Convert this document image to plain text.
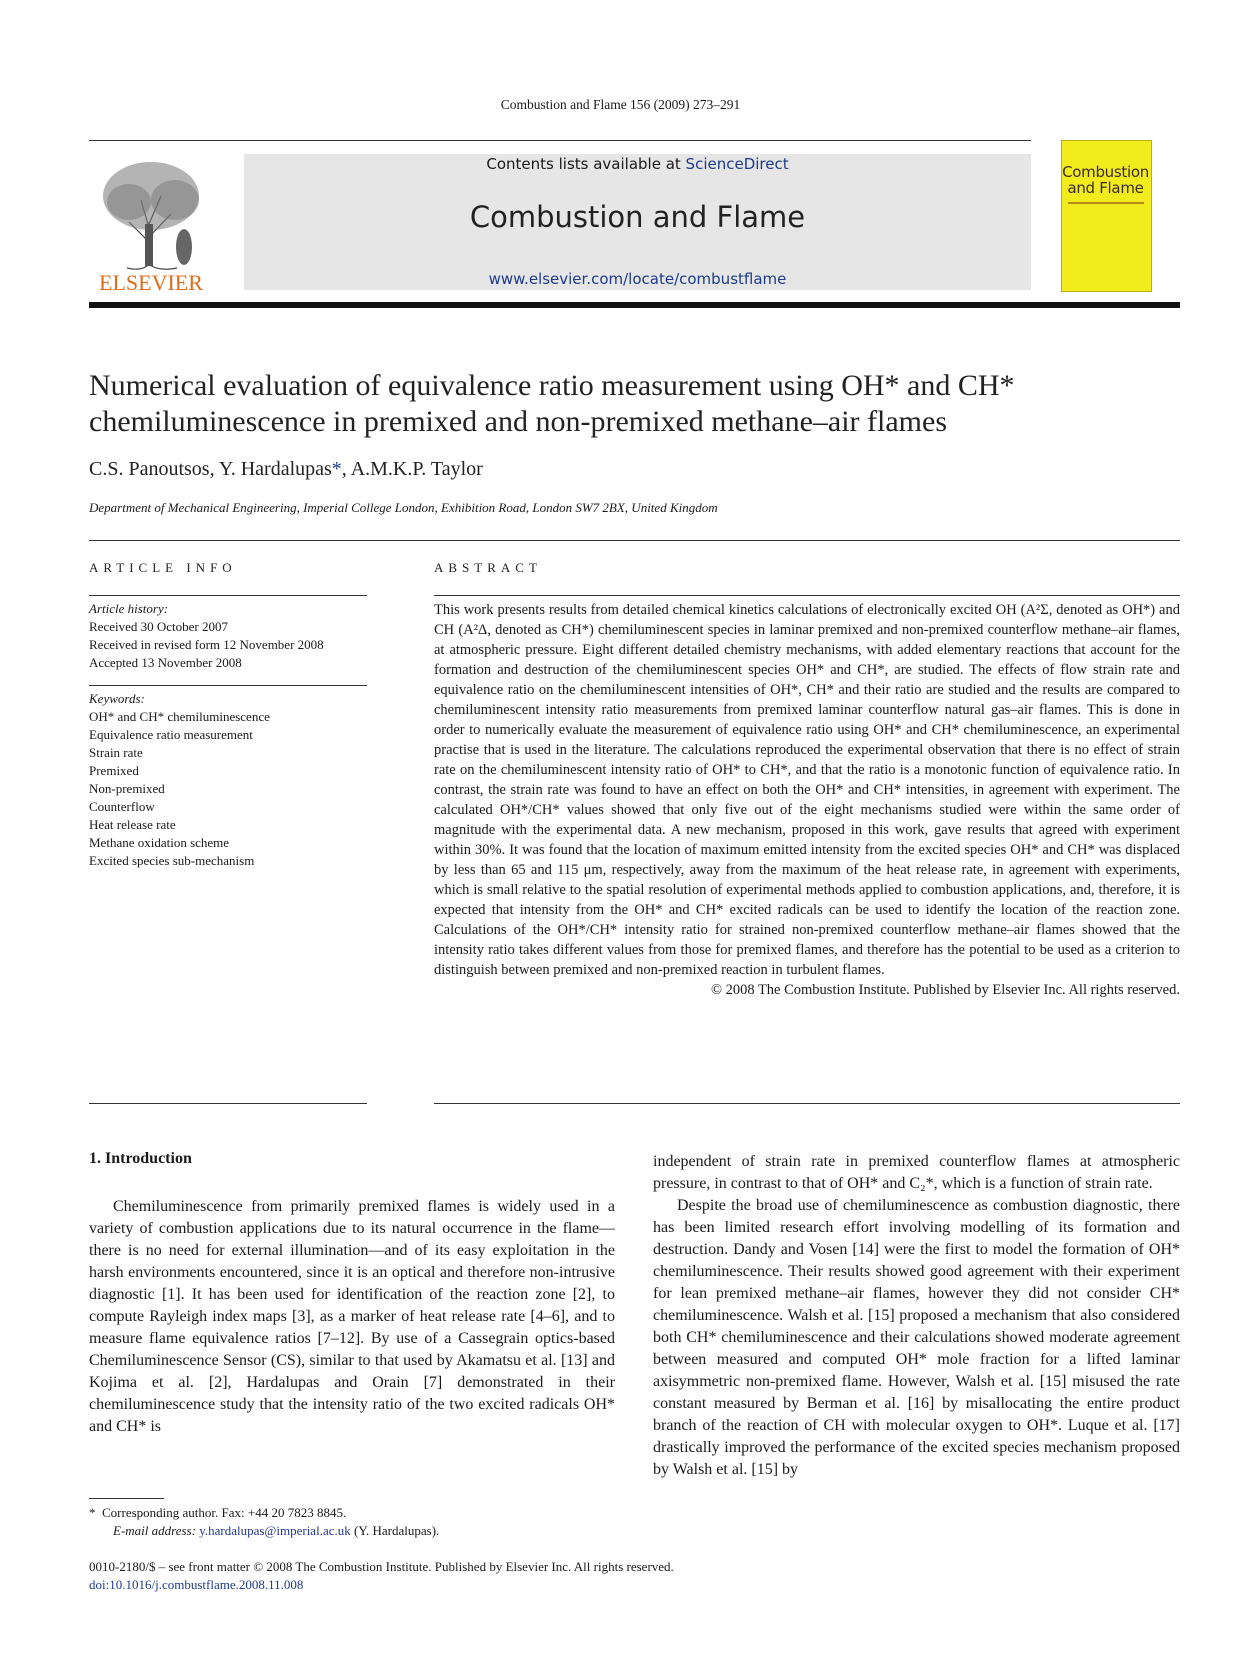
Combustion and Flame 156 (2009) 273–291
ELSEVIER
Contents lists available at ScienceDirect
Combustion and Flame
www.elsevier.com/locate/combustflame
Combustion and Flame
Numerical evaluation of equivalence ratio measurement using OH* and CH* chemiluminescence in premixed and non-premixed methane–air flames
C.S. Panoutsos, Y. Hardalupas*, A.M.K.P. Taylor
Department of Mechanical Engineering, Imperial College London, Exhibition Road, London SW7 2BX, United Kingdom
ARTICLE INFO	ABSTRACT
Article history:
Received 30 October 2007
Received in revised form 12 November 2008
Accepted 13 November 2008
Keywords:
OH* and CH* chemiluminescence
Equivalence ratio measurement
Strain rate
Premixed
Non-premixed
Counterflow
Heat release rate
Methane oxidation scheme
Excited species sub-mechanism

This work presents results from detailed chemical kinetics calculations of electronically excited OH (A²Σ, denoted as OH*) and CH (A²Δ, denoted as CH*) chemiluminescent species in laminar premixed and non-premixed counterflow methane–air flames, at atmospheric pressure. Eight different detailed chemistry mechanisms, with added elementary reactions that account for the formation and destruction of the chemiluminescent species OH* and CH*, are studied. The effects of flow strain rate and equivalence ratio on the chemiluminescent intensities of OH*, CH* and their ratio are studied and the results are compared to chemiluminescent intensity ratio measurements from premixed laminar counterflow natural gas–air flames. This is done in order to numerically evaluate the measurement of equivalence ratio using OH* and CH* chemiluminescence, an experimental practise that is used in the literature. The calculations reproduced the experimental observation that there is no effect of strain rate on the chemiluminescent intensity ratio of OH* to CH*, and that the ratio is a monotonic function of equivalence ratio. In contrast, the strain rate was found to have an effect on both the OH* and CH* intensities, in agreement with experiment. The calculated OH*/CH* values showed that only five out of the eight mechanisms studied were within the same order of magnitude with the experimental data. A new mechanism, proposed in this work, gave results that agreed with experiment within 30%. It was found that the location of maximum emitted intensity from the excited species OH* and CH* was displaced by less than 65 and 115 μm, respectively, away from the maximum of the heat release rate, in agreement with experiments, which is small relative to the spatial resolution of experimental methods applied to combustion applications, and, therefore, it is expected that intensity from the OH* and CH* excited radicals can be used to identify the location of the reaction zone. Calculations of the OH*/CH* intensity ratio for strained non-premixed counterflow methane–air flames showed that the intensity ratio takes different values from those for premixed flames, and therefore has the potential to be used as a criterion to distinguish between premixed and non-premixed reaction in turbulent flames.

© 2008 The Combustion Institute. Published by Elsevier Inc. All rights reserved.

1. Introduction

Chemiluminescence from primarily premixed flames is widely used in a variety of combustion applications due to its natural occurrence in the flame—there is no need for external illumination—and of its easy exploitation in the harsh environments encountered, since it is an optical and therefore non-intrusive diagnostic [1]. It has been used for identification of the reaction zone [2], to compute Rayleigh index maps [3], as a marker of heat release rate [4–6], and to measure flame equivalence ratios [7–12]. By use of a Cassegrain optics-based Chemiluminescence Sensor (CS), similar to that used by Akamatsu et al. [13] and Kojima et al. [2], Hardalupas and Orain [7] demonstrated in their chemiluminescence study that the intensity ratio of the two excited radicals OH* and CH* is

independent of strain rate in premixed counterflow flames at atmospheric pressure, in contrast to that of OH* and C₂*, which is a function of strain rate.

Despite the broad use of chemiluminescence as combustion diagnostic, there has been limited research effort involving modelling of its formation and destruction. Dandy and Vosen [14] were the first to model the formation of OH* chemiluminescence. Their results showed good agreement with their experiment for lean premixed methane–air flames, however they did not consider CH* chemiluminescence. Walsh et al. [15] proposed a mechanism that also considered both CH* chemiluminescence and their calculations showed moderate agreement between measured and computed OH* mole fraction for a lifted laminar axisymmetric non-premixed flame. However, Walsh et al. [15] misused the rate constant measured by Berman et al. [16] by misallocating the entire product branch of the reaction of CH with molecular oxygen to OH*. Luque et al. [17] drastically improved the performance of the excited species mechanism proposed by Walsh et al. [15] by

* Corresponding author. Fax: +44 20 7823 8845.
E-mail address: y.hardalupas@imperial.ac.uk (Y. Hardalupas).
0010-2180/$ – see front matter © 2008 The Combustion Institute. Published by Elsevier Inc. All rights reserved.
doi:10.1016/j.combustflame.2008.11.008
